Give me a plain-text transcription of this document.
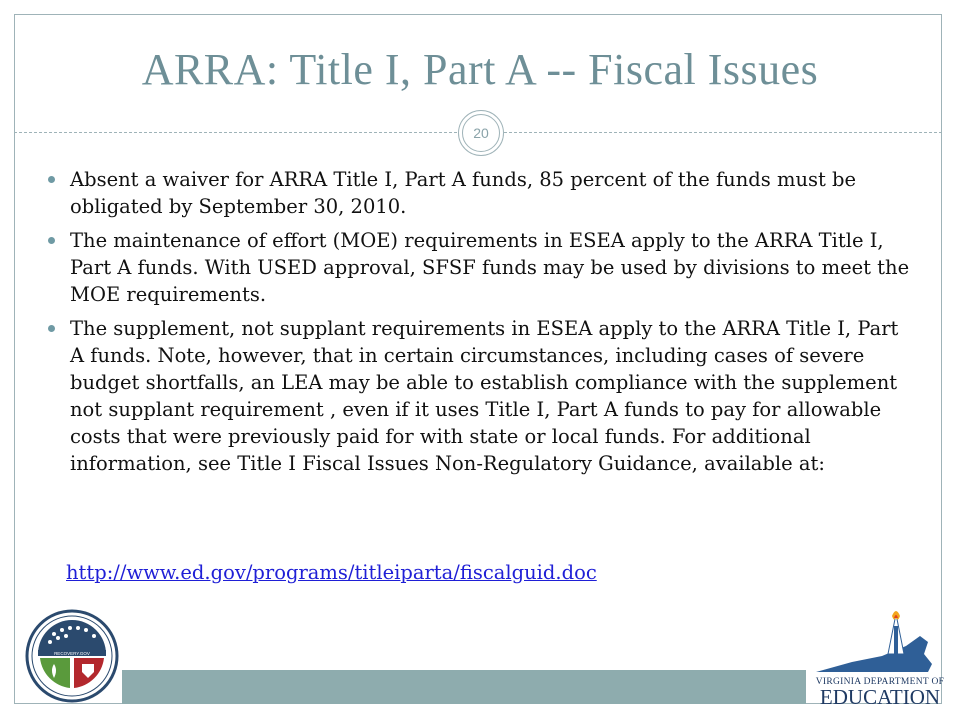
ARRA: Title I, Part A -- Fiscal Issues
20
Absent a waiver for ARRA Title I, Part A funds, 85 percent of the funds must be obligated by September 30, 2010.
The maintenance of effort (MOE) requirements in ESEA apply to the ARRA Title I, Part A funds. With USED approval, SFSF funds may be used by divisions to meet the MOE requirements.
The supplement, not supplant requirements in ESEA apply to the ARRA Title I, Part A funds. Note, however, that in certain circumstances, including cases of severe budget shortfalls, an LEA may be able to establish compliance with the supplement not supplant requirement , even if it uses Title I, Part A funds to pay for allowable costs that were previously paid for with state or local funds. For additional information, see Title I Fiscal Issues Non-Regulatory Guidance, available at:
http://www.ed.gov/programs/titleiparta/fiscalguid.doc
RECOVERY.GOV
VIRGINIA DEPARTMENT OF
EDUCATION
